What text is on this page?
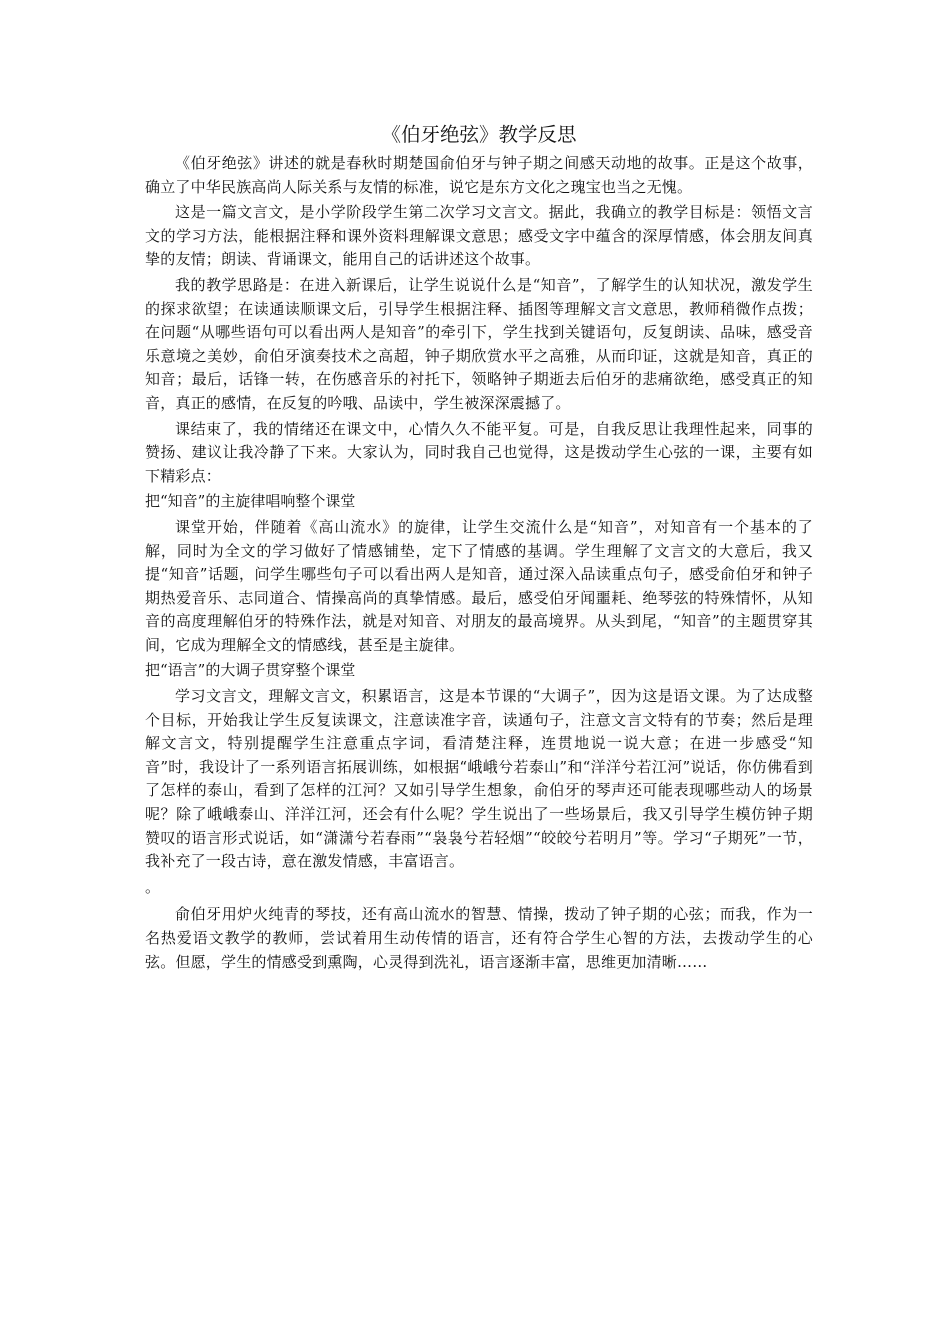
《伯牙绝弦》教学反思

《伯牙绝弦》讲述的就是春秋时期楚国俞伯牙与钟子期之间感天动地的故事。正是这个故事，确立了中华民族高尚人际关系与友情的标准，说它是东方文化之瑰宝也当之无愧。

这是一篇文言文，是小学阶段学生第二次学习文言文。据此，我确立的教学目标是：领悟文言文的学习方法，能根据注释和课外资料理解课文意思；感受文字中蕴含的深厚情感，体会朋友间真挚的友情；朗读、背诵课文，能用自己的话讲述这个故事。

我的教学思路是：在进入新课后，让学生说说什么是“知音”，了解学生的认知状况，激发学生的探求欲望；在读通读顺课文后，引导学生根据注释、插图等理解文言文意思，教师稍微作点拨；在问题“从哪些语句可以看出两人是知音”的牵引下，学生找到关键语句，反复朗读、品味，感受音乐意境之美妙，俞伯牙演奏技术之高超，钟子期欣赏水平之高雅，从而印证，这就是知音，真正的知音；最后，话锋一转，在伤感音乐的衬托下，领略钟子期逝去后伯牙的悲痛欲绝，感受真正的知音，真正的感情，在反复的吟哦、品读中，学生被深深震撼了。

课结束了，我的情绪还在课文中，心情久久不能平复。可是，自我反思让我理性起来，同事的赞扬、建议让我冷静了下来。大家认为，同时我自己也觉得，这是拨动学生心弦的一课，主要有如下精彩点：

把“知音”的主旋律唱响整个课堂

课堂开始，伴随着《高山流水》的旋律，让学生交流什么是“知音”，对知音有一个基本的了解，同时为全文的学习做好了情感铺垫，定下了情感的基调。学生理解了文言文的大意后，我又提“知音”话题，问学生哪些句子可以看出两人是知音，通过深入品读重点句子，感受俞伯牙和钟子期热爱音乐、志同道合、情操高尚的真挚情感。最后，感受伯牙闻噩耗、绝琴弦的特殊情怀，从知音的高度理解伯牙的特殊作法，就是对知音、对朋友的最高境界。从头到尾，“知音”的主题贯穿其间，它成为理解全文的情感线，甚至是主旋律。

把“语言”的大调子贯穿整个课堂

学习文言文，理解文言文，积累语言，这是本节课的“大调子”，因为这是语文课。为了达成整个目标，开始我让学生反复读课文，注意读准字音，读通句子，注意文言文特有的节奏；然后是理解文言文，特别提醒学生注意重点字词，看清楚注释，连贯地说一说大意；在进一步感受“知音”时，我设计了一系列语言拓展训练，如根据“峨峨兮若泰山”和“洋洋兮若江河”说话，你仿佛看到了怎样的泰山，看到了怎样的江河？又如引导学生想象，俞伯牙的琴声还可能表现哪些动人的场景呢？除了峨峨泰山、洋洋江河，还会有什么呢？学生说出了一些场景后，我又引导学生模仿钟子期赞叹的语言形式说话，如“潇潇兮若春雨”“袅袅兮若轻烟”“皎皎兮若明月”等。学习“子期死”一节，我补充了一段古诗，意在激发情感，丰富语言。

。

俞伯牙用炉火纯青的琴技，还有高山流水的智慧、情操，拨动了钟子期的心弦；而我，作为一名热爱语文教学的教师，尝试着用生动传情的语言，还有符合学生心智的方法，去拨动学生的心弦。但愿，学生的情感受到熏陶，心灵得到洗礼，语言逐渐丰富，思维更加清晰……
